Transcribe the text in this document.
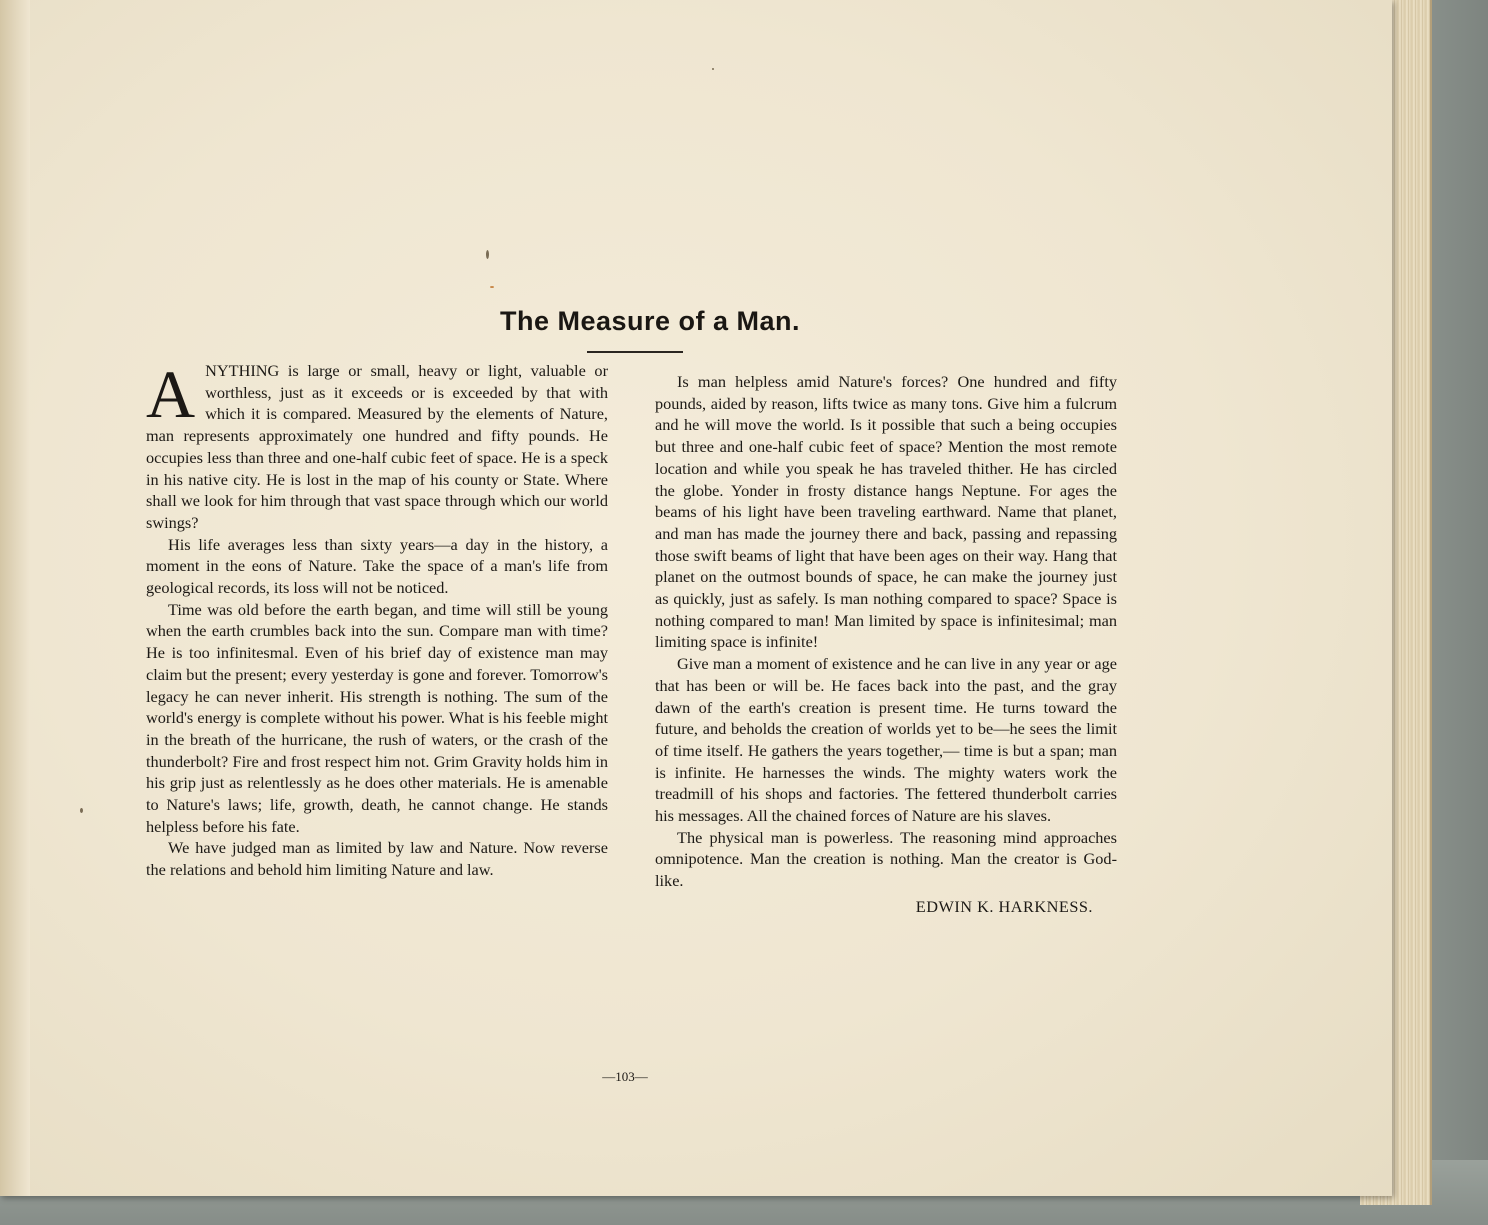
The Measure of a Man.

ANYTHING is large or small, heavy or light, valuable or worthless, just as it exceeds or is exceeded by that with which it is compared. Measured by the elements of Nature, man represents approximately one hundred and fifty pounds. He occupies less than three and one-half cubic feet of space. He is a speck in his native city. He is lost in the map of his county or State. Where shall we look for him through that vast space through which our world swings?

His life averages less than sixty years—a day in the history, a moment in the eons of Nature. Take the space of a man's life from geological records, its loss will not be noticed.

Time was old before the earth began, and time will still be young when the earth crumbles back into the sun. Compare man with time? He is too infinitesmal. Even of his brief day of existence man may claim but the present; every yesterday is gone and forever. Tomorrow's legacy he can never inherit. His strength is nothing. The sum of the world's energy is complete without his power. What is his feeble might in the breath of the hurricane, the rush of waters, or the crash of the thunderbolt? Fire and frost respect him not. Grim Gravity holds him in his grip just as relentlessly as he does other materials. He is amenable to Nature's laws; life, growth, death, he cannot change. He stands helpless before his fate.

We have judged man as limited by law and Nature. Now reverse the relations and behold him limiting Nature and law.

Is man helpless amid Nature's forces? One hundred and fifty pounds, aided by reason, lifts twice as many tons. Give him a fulcrum and he will move the world. Is it possible that such a being occupies but three and one-half cubic feet of space? Mention the most remote location and while you speak he has traveled thither. He has circled the globe. Yonder in frosty distance hangs Neptune. For ages the beams of his light have been traveling earthward. Name that planet, and man has made the journey there and back, passing and repassing those swift beams of light that have been ages on their way. Hang that planet on the outmost bounds of space, he can make the journey just as quickly, just as safely. Is man nothing compared to space? Space is nothing compared to man! Man limited by space is infinitesimal; man limiting space is infinite!

Give man a moment of existence and he can live in any year or age that has been or will be. He faces back into the past, and the gray dawn of the earth's creation is present time. He turns toward the future, and beholds the creation of worlds yet to be—he sees the limit of time itself. He gathers the years together,— time is but a span; man is infinite. He harnesses the winds. The mighty waters work the treadmill of his shops and factories. The fettered thunderbolt carries his messages. All the chained forces of Nature are his slaves.

The physical man is powerless. The reasoning mind approaches omnipotence. Man the creation is nothing. Man the creator is God-like.

EDWIN K. HARKNESS.
—103—
